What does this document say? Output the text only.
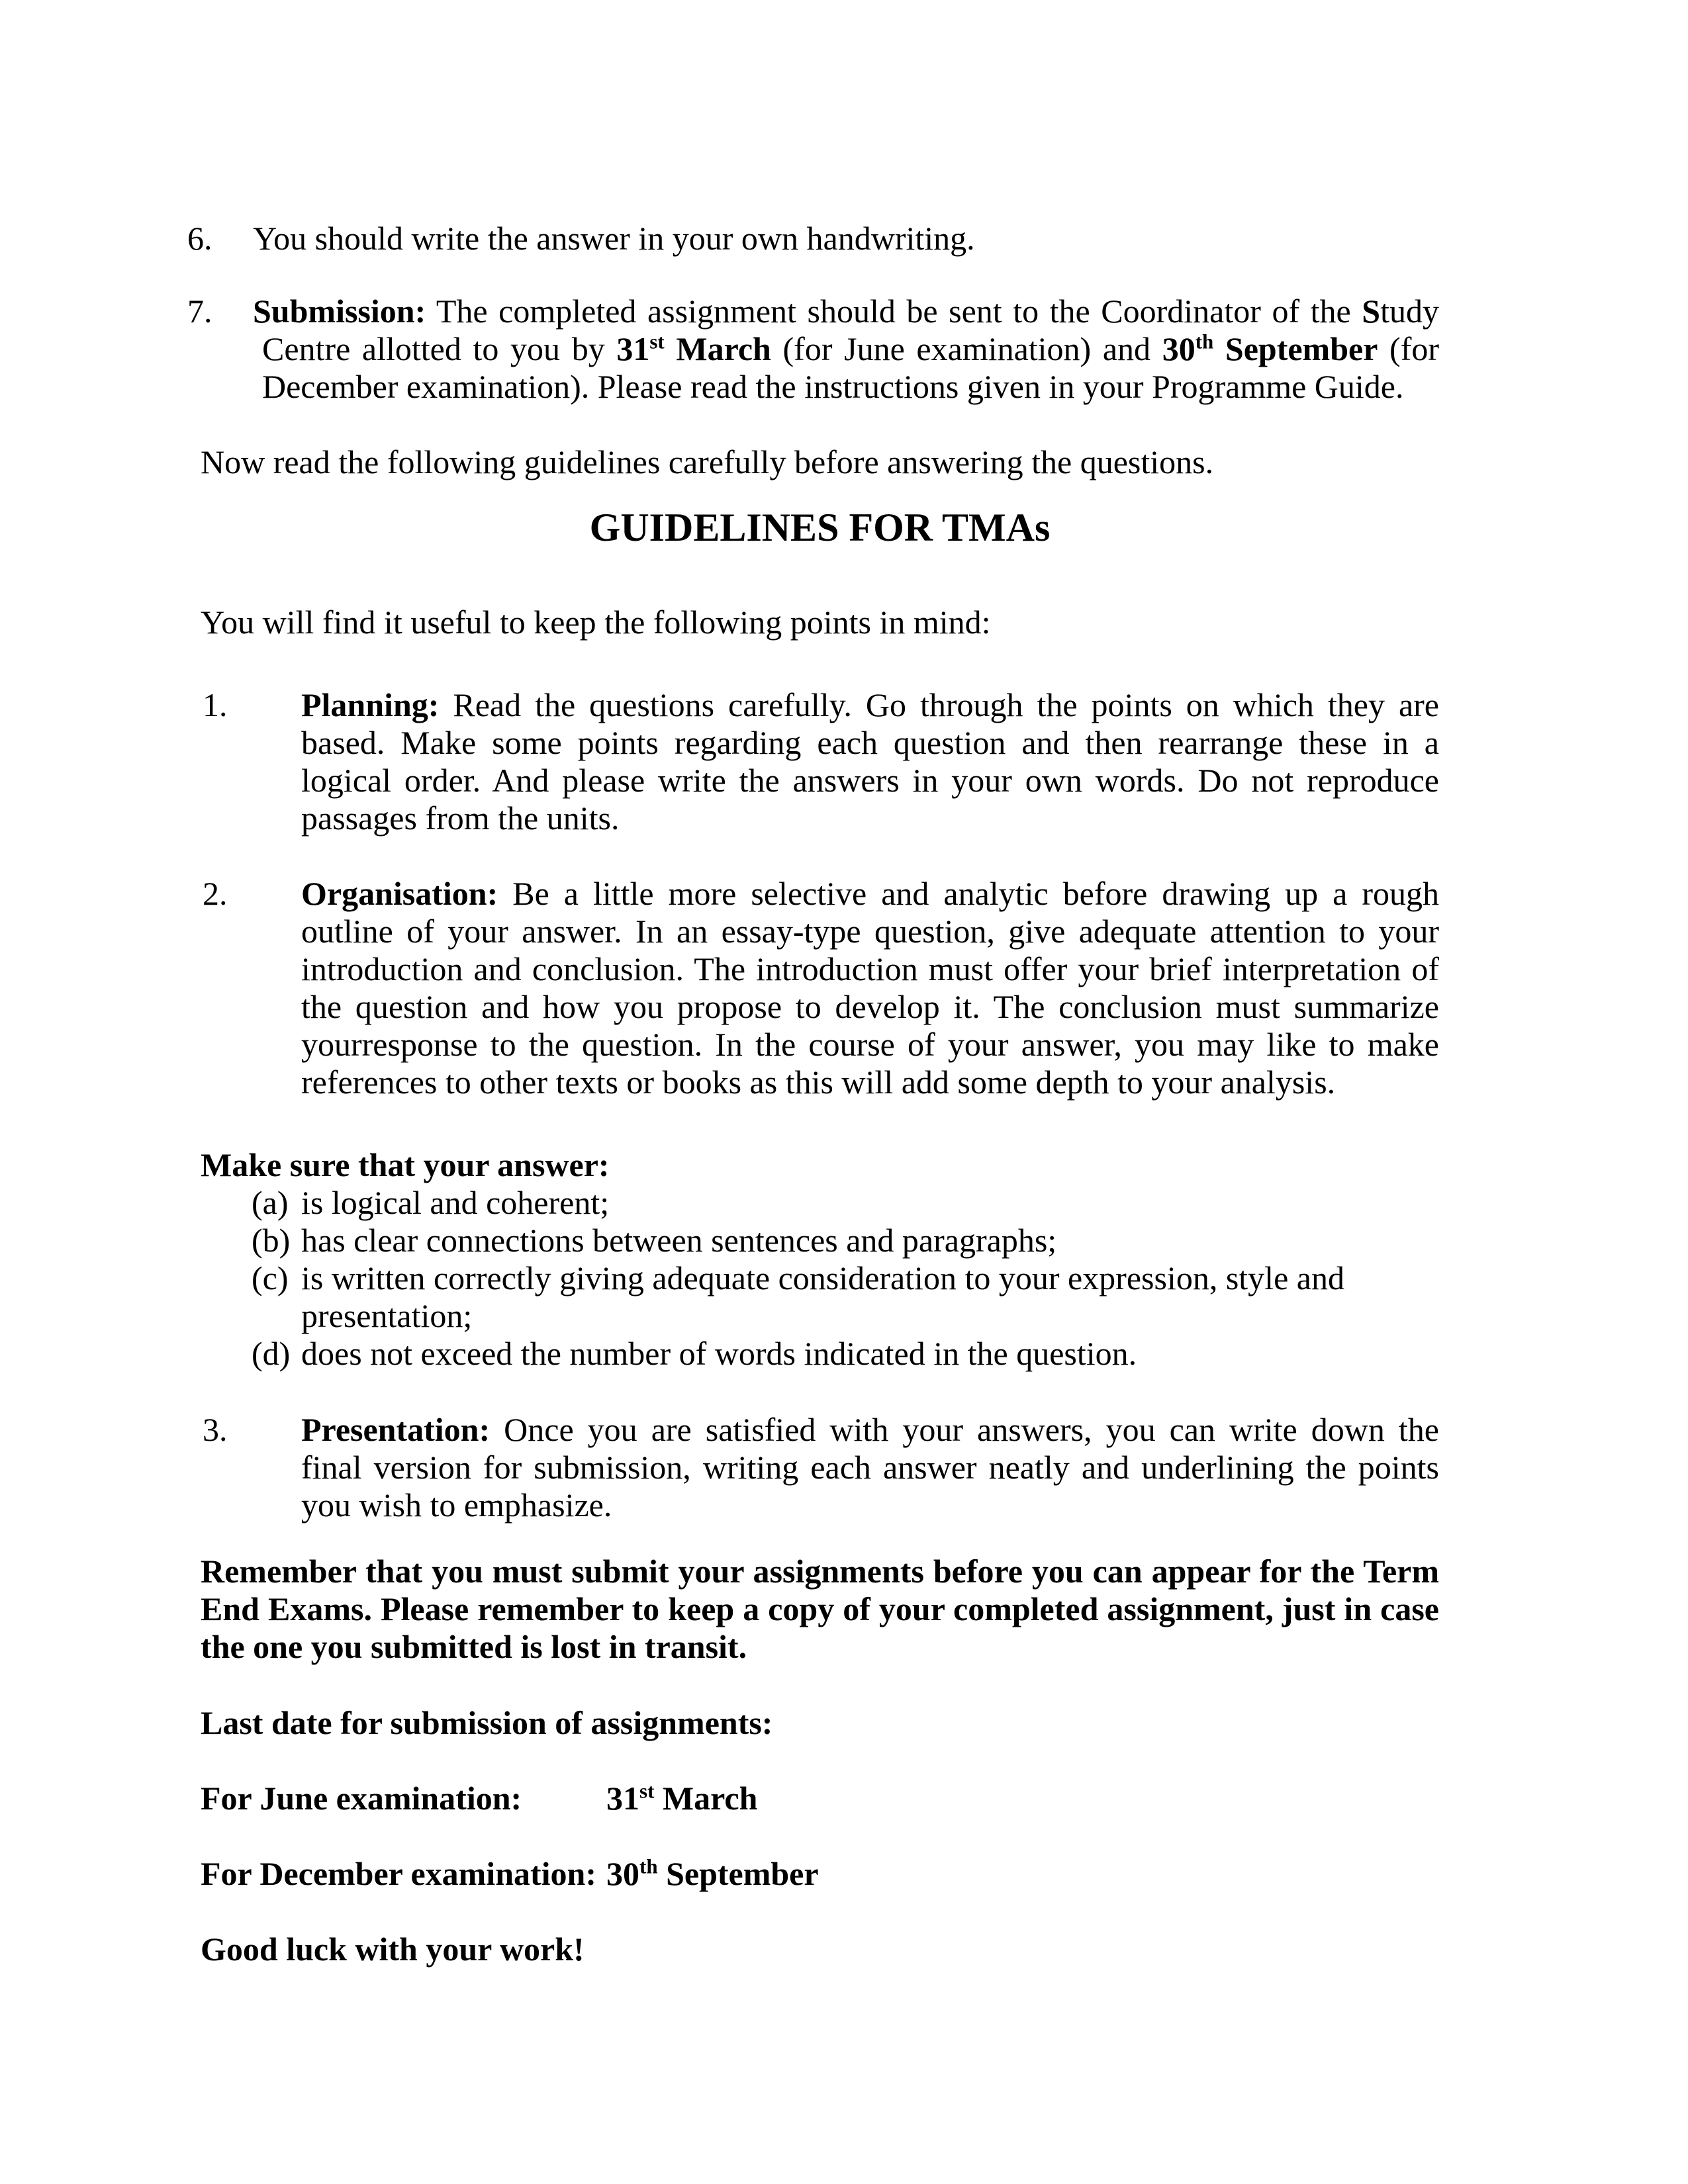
6. You should write the answer in your own handwriting.
7. Submission: The completed assignment should be sent to the Coordinator of the Study Centre allotted to you by 31st March (for June examination) and 30th September (for December examination). Please read the instructions given in your Programme Guide.
Now read the following guidelines carefully before answering the questions.
GUIDELINES FOR TMAs
You will find it useful to keep the following points in mind:
1. Planning: Read the questions carefully. Go through the points on which they are based. Make some points regarding each question and then rearrange these in a logical order. And please write the answers in your own words. Do not reproduce passages from the units.
2. Organisation: Be a little more selective and analytic before drawing up a rough outline of your answer. In an essay-type question, give adequate attention to your introduction and conclusion. The introduction must offer your brief interpretation of the question and how you propose to develop it. The conclusion must summarize yourresponse to the question. In the course of your answer, you may like to make references to other texts or books as this will add some depth to your analysis.
Make sure that your answer:
(a) is logical and coherent;
(b) has clear connections between sentences and paragraphs;
(c) is written correctly giving adequate consideration to your expression, style and presentation;
(d) does not exceed the number of words indicated in the question.
3. Presentation: Once you are satisfied with your answers, you can write down the final version for submission, writing each answer neatly and underlining the points you wish to emphasize.
Remember that you must submit your assignments before you can appear for the Term End Exams. Please remember to keep a copy of your completed assignment, just in case the one you submitted is lost in transit.
Last date for submission of assignments:
For June examination:	31st March
For December examination: 30th September
Good luck with your work!
